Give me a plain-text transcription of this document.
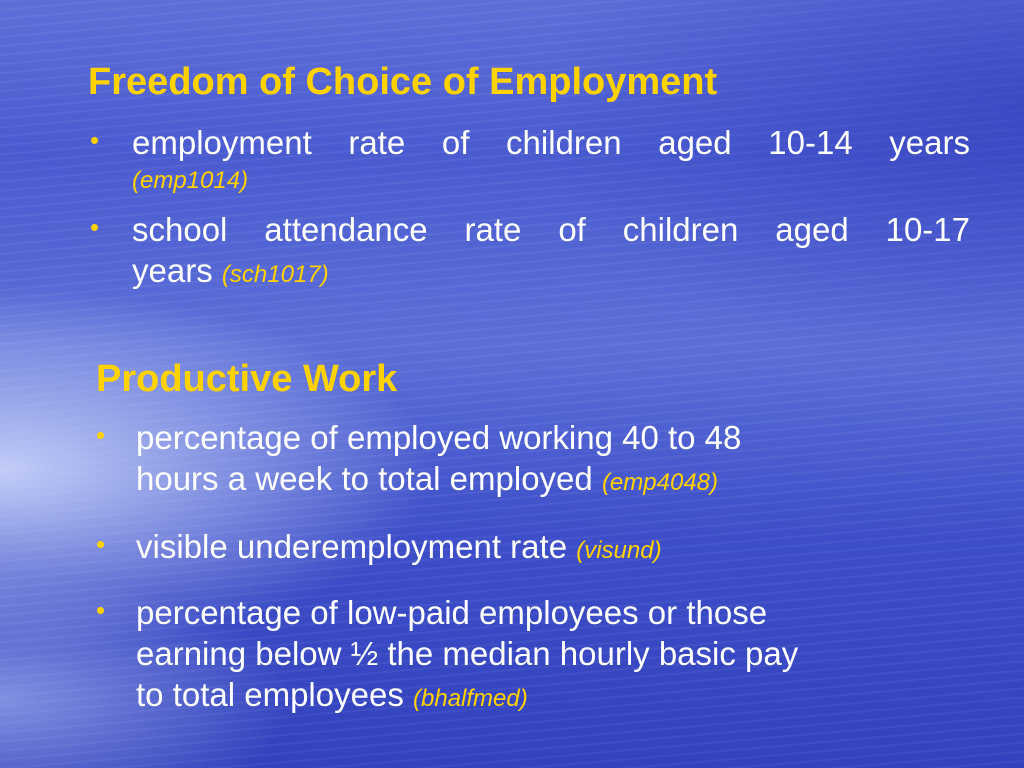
Freedom of Choice of Employment
• employment rate of children aged 10-14 years
(emp1014)
• school attendance rate of children aged 10-17
years (sch1017)
Productive Work
• percentage of employed working 40 to 48
hours a week to total employed (emp4048)
• visible underemployment rate (visund)
• percentage of low-paid employees or those
earning below ½ the median hourly basic pay
to total employees (bhalfmed)
